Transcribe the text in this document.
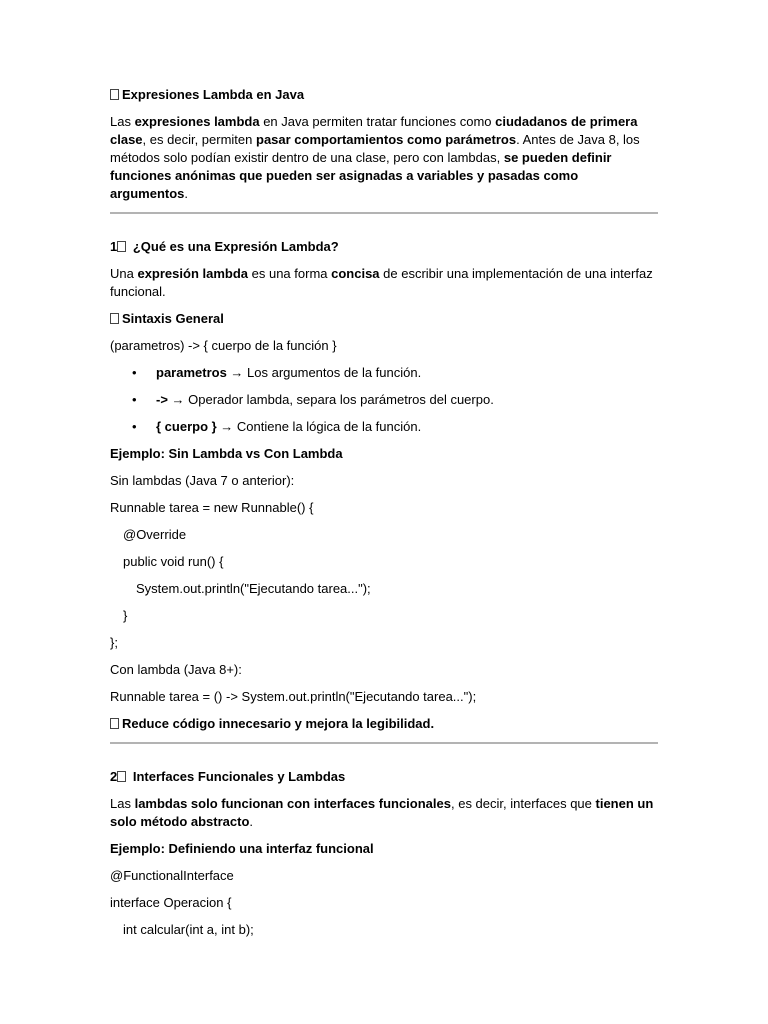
Expresiones Lambda en Java

Las expresiones lambda en Java permiten tratar funciones como ciudadanos de primera clase, es decir, permiten pasar comportamientos como parámetros. Antes de Java 8, los métodos solo podían existir dentro de una clase, pero con lambdas, se pueden definir funciones anónimas que pueden ser asignadas a variables y pasadas como argumentos.

1 ¿Qué es una Expresión Lambda?

Una expresión lambda es una forma concisa de escribir una implementación de una interfaz funcional.

Sintaxis General

(parametros) -> { cuerpo de la función }

• parametros → Los argumentos de la función.
• -> → Operador lambda, separa los parámetros del cuerpo.
• { cuerpo } → Contiene la lógica de la función.

Ejemplo: Sin Lambda vs Con Lambda

Sin lambdas (Java 7 o anterior):

Runnable tarea = new Runnable() {

@Override

public void run() {

System.out.println("Ejecutando tarea...");

}

};

Con lambda (Java 8+):

Runnable tarea = () -> System.out.println("Ejecutando tarea...");

Reduce código innecesario y mejora la legibilidad.

2 Interfaces Funcionales y Lambdas

Las lambdas solo funcionan con interfaces funcionales, es decir, interfaces que tienen un solo método abstracto.

Ejemplo: Definiendo una interfaz funcional

@FunctionalInterface

interface Operacion {

int calcular(int a, int b);
